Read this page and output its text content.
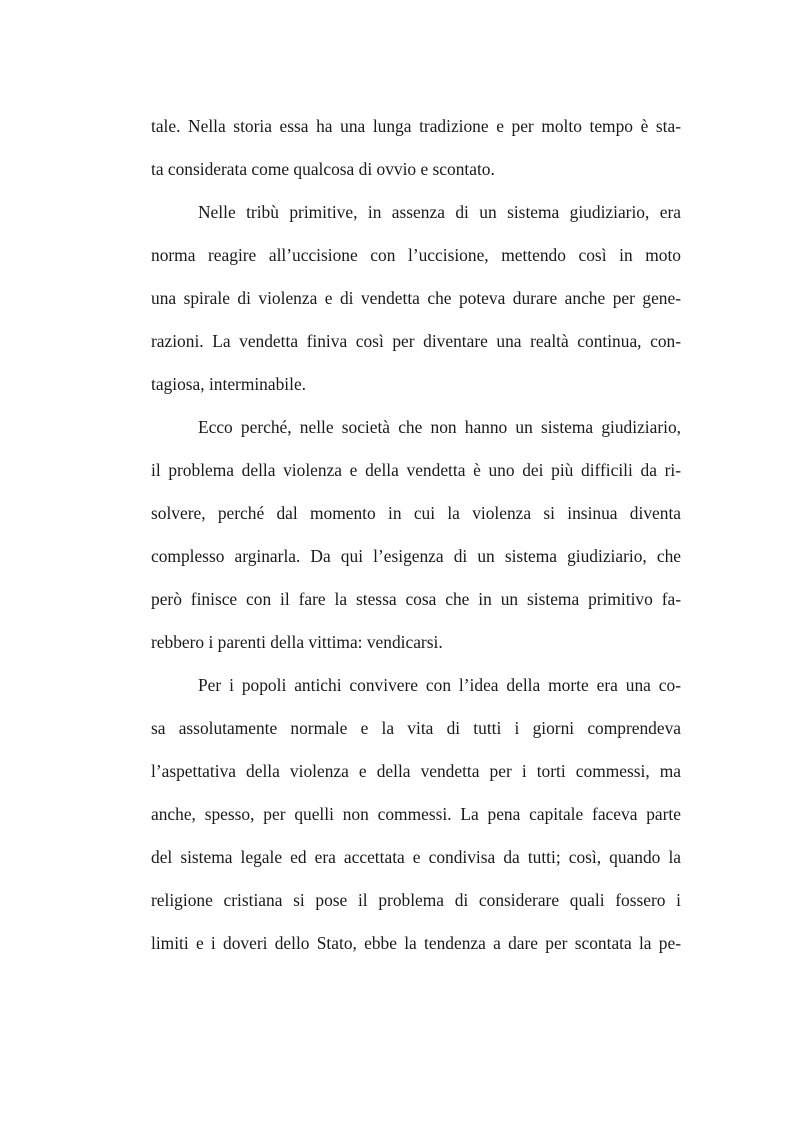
tale. Nella storia essa ha una lunga tradizione e per molto tempo è sta-
ta considerata come qualcosa di ovvio e scontato.
Nelle tribù primitive, in assenza di un sistema giudiziario, era
norma reagire all’uccisione con l’uccisione, mettendo così in moto
una spirale di violenza e di vendetta che poteva durare anche per gene-
razioni. La vendetta finiva così per diventare una realtà continua, con-
tagiosa, interminabile.
Ecco perché, nelle società che non hanno un sistema giudiziario,
il problema della violenza e della vendetta è uno dei più difficili da ri-
solvere, perché dal momento in cui la violenza si insinua diventa
complesso arginarla. Da qui l’esigenza di un sistema giudiziario, che
però finisce con il fare la stessa cosa che in un sistema primitivo fa-
rebbero i parenti della vittima: vendicarsi.
Per i popoli antichi convivere con l’idea della morte era una co-
sa assolutamente normale e la vita di tutti i giorni comprendeva
l’aspettativa della violenza e della vendetta per i torti commessi, ma
anche, spesso, per quelli non commessi. La pena capitale faceva parte
del sistema legale ed era accettata e condivisa da tutti; così, quando la
religione cristiana si pose il problema di considerare quali fossero i
limiti e i doveri dello Stato, ebbe la tendenza a dare per scontata la pe-
